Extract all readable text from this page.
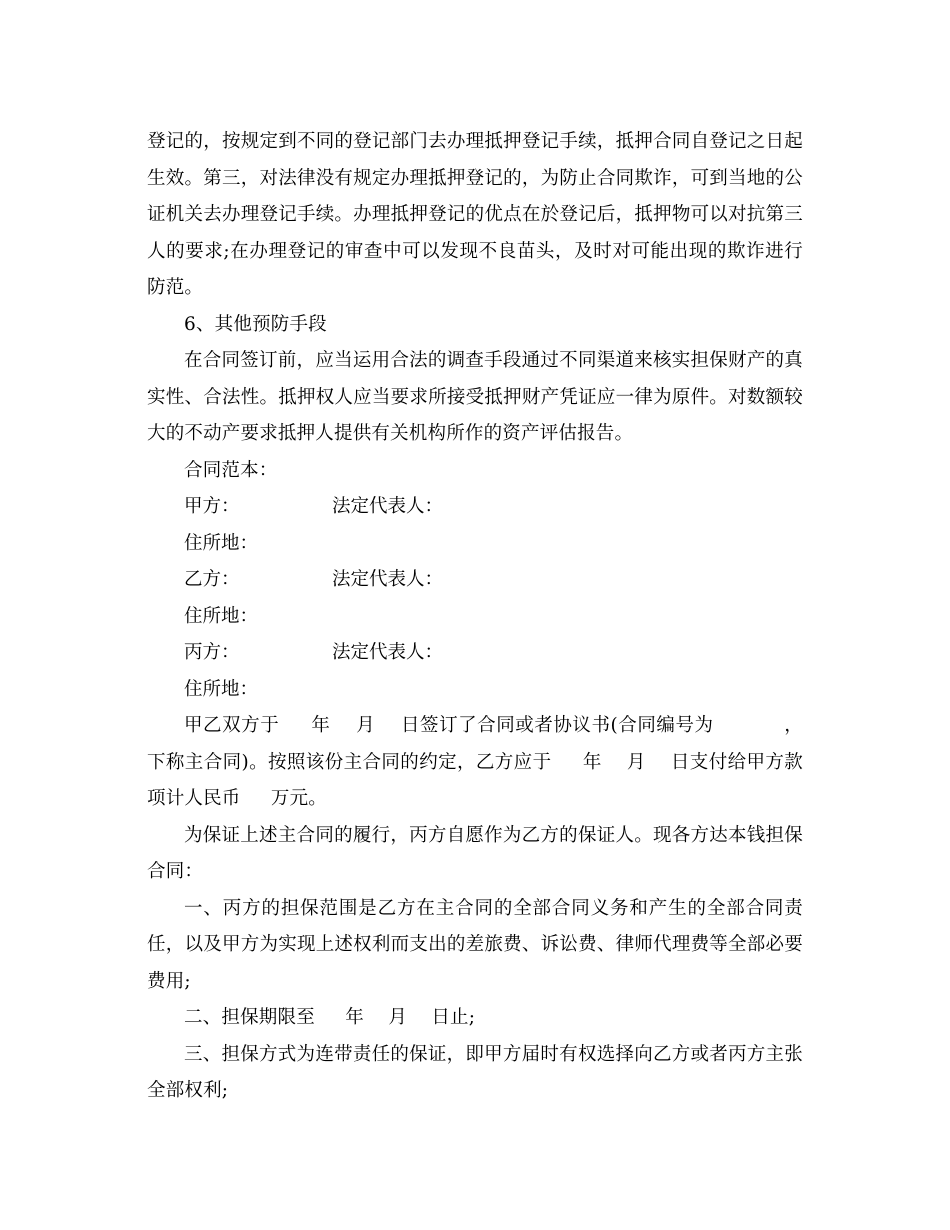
登记的，按规定到不同的登记部门去办理抵押登记手续，抵押合同自登记之日起生效。第三，对法律没有规定办理抵押登记的，为防止合同欺诈，可到当地的公证机关去办理登记手续。办理抵押登记的优点在於登记后，抵押物可以对抗第三人的要求;在办理登记的审查中可以发现不良苗头，及时对可能出现的欺诈进行防范。

6、其他预防手段

在合同签订前，应当运用合法的调查手段通过不同渠道来核实担保财产的真实性、合法性。抵押权人应当要求所接受抵押财产凭证应一律为原件。对数额较大的不动产要求抵押人提供有关机构所作的资产评估报告。

合同范本：

甲方：	法定代表人：
住所地：
乙方：	法定代表人：
住所地：
丙方：	法定代表人：
住所地：

甲乙双方于     年    月    日签订了合同或者协议书(合同编号为           ，下称主合同)。按照该份主合同的约定，乙方应于     年    月    日支付给甲方款项计人民币     万元。

为保证上述主合同的履行，丙方自愿作为乙方的保证人。现各方达本钱担保合同：

一、丙方的担保范围是乙方在主合同的全部合同义务和产生的全部合同责任，以及甲方为实现上述权利而支出的差旅费、诉讼费、律师代理费等全部必要费用;

二、担保期限至     年    月    日止;

三、担保方式为连带责任的保证，即甲方届时有权选择向乙方或者丙方主张全部权利;
